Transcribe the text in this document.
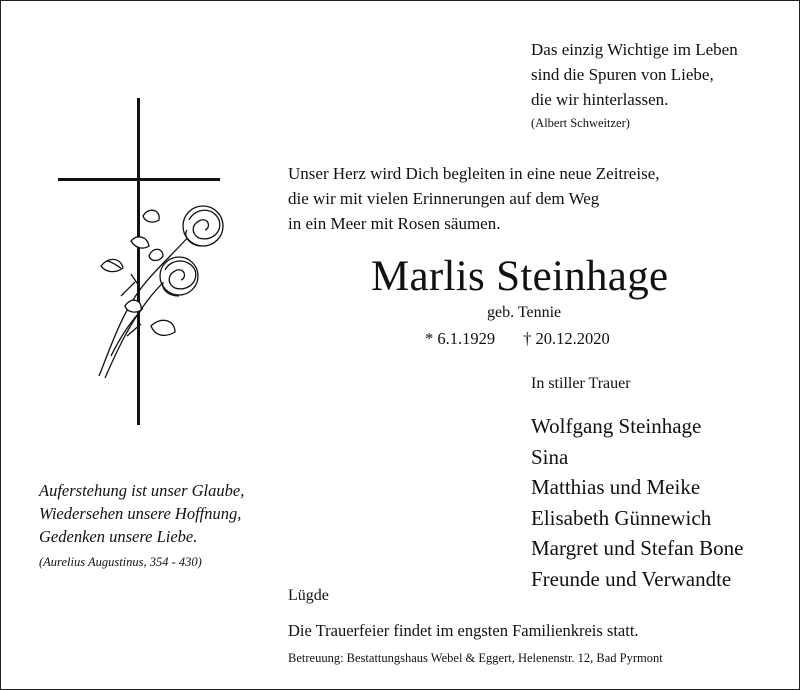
Das einzig Wichtige im Leben
sind die Spuren von Liebe,
die wir hinterlassen.
(Albert Schweitzer)
Unser Herz wird Dich begleiten in eine neue Zeitreise,
die wir mit vielen Erinnerungen auf dem Weg
in ein Meer mit Rosen säumen.
Marlis Steinhage
geb. Tennie
* 6.1.1929 † 20.12.2020
In stiller Trauer
Wolfgang Steinhage
Sina
Matthias und Meike
Elisabeth Günnewich
Margret und Stefan Bone
Freunde und Verwandte
Auferstehung ist unser Glaube,
Wiedersehen unsere Hoffnung,
Gedenken unsere Liebe.
(Aurelius Augustinus, 354 - 430)
Lügde
Die Trauerfeier findet im engsten Familienkreis statt.
Betreuung: Bestattungshaus Webel & Eggert, Helenenstr. 12, Bad Pyrmont
